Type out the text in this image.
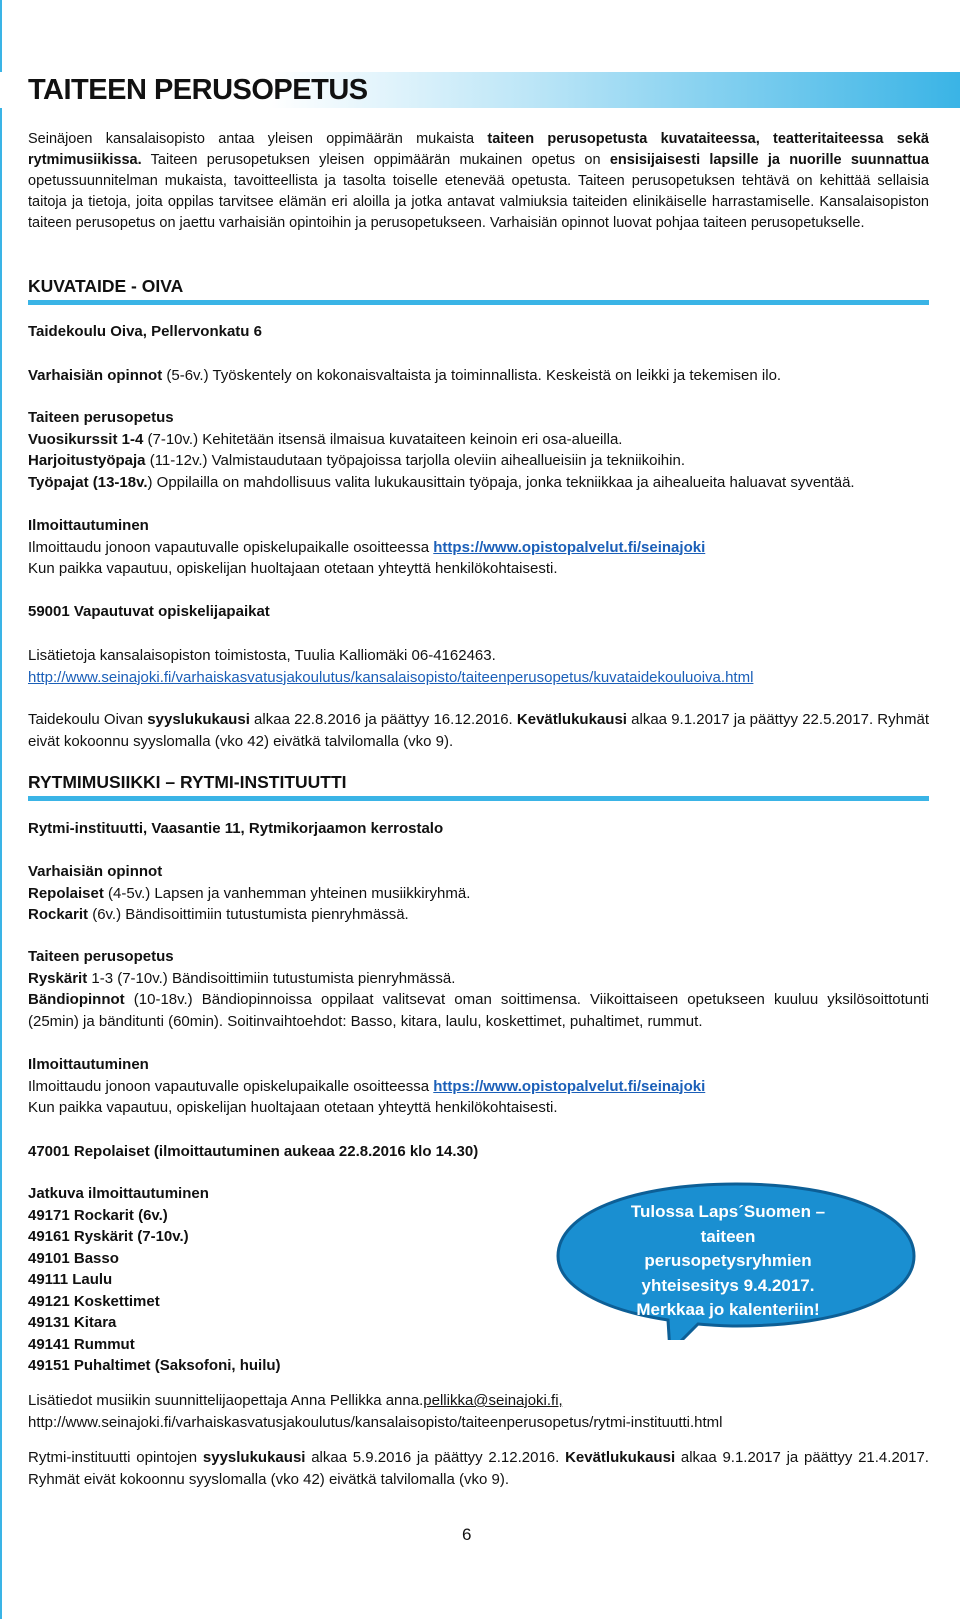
TAITEEN PERUSOPETUS

Seinäjoen kansalaisopisto antaa yleisen oppimäärän mukaista taiteen perusopetusta kuvataiteessa, teatteritaiteessa sekä rytmimusiikissa. Taiteen perusopetuksen yleisen oppimäärän mukainen opetus on ensisijaisesti lapsille ja nuorille suunnattua opetussuunnitelman mukaista, tavoitteellista ja tasolta toiselle etenevää opetusta. Taiteen perusopetuksen tehtävä on kehittää sellaisia taitoja ja tietoja, joita oppilas tarvitsee elämän eri aloilla ja jotka antavat valmiuksia taiteiden elinikäiselle harrastamiselle. Kansalaisopiston taiteen perusopetus on jaettu varhaisiän opintoihin ja perusopetukseen. Varhaisiän opinnot luovat pohjaa taiteen perusopetukselle.

KUVATAIDE - OIVA

Taidekoulu Oiva, Pellervonkatu 6

Varhaisiän opinnot (5-6v.) Työskentely on kokonaisvaltaista ja toiminnallista. Keskeistä on leikki ja tekemisen ilo.

Taiteen perusopetus
Vuosikurssit 1-4 (7-10v.) Kehitetään itsensä ilmaisua kuvataiteen keinoin eri osa-alueilla.
Harjoitustyöpaja (11-12v.) Valmistaudutaan työpajoissa tarjolla oleviin aiheallueisiin ja tekniikoihin.
Työpajat (13-18v.) Oppilailla on mahdollisuus valita lukukausittain työpaja, jonka tekniikkaa ja aihealueita haluavat syventää.
Ilmoittautuminen
Ilmoittaudu jonoon vapautuvalle opiskelupaikalle osoitteessa https://www.opistopalvelut.fi/seinajoki
Kun paikka vapautuu, opiskelijan huoltajaan otetaan yhteyttä henkilökohtaisesti.

59001 Vapautuvat opiskelijapaikat

Lisätietoja kansalaisopiston toimistosta, Tuulia Kalliomäki 06-4162463.
http://www.seinajoki.fi/varhaiskasvatusjakoulutus/kansalaisopisto/taiteenperusopetus/kuvataidekouluoiva.html

Taidekoulu Oivan syyslukukausi alkaa 22.8.2016 ja päättyy 16.12.2016. Kevätlukukausi alkaa 9.1.2017 ja päättyy 22.5.2017. Ryhmät eivät kokoonnu syyslomalla (vko 42) eivätkä talvilomalla (vko 9).

RYTMIMUSIIKKI – RYTMI-INSTITUUTTI

Rytmi-instituutti, Vaasantie 11, Rytmikorjaamon kerrostalo

Varhaisiän opinnot
Repolaiset (4-5v.) Lapsen ja vanhemman yhteinen musiikkiryhmä.
Rockarit (6v.) Bändisoittimiin tutustumista pienryhmässä.
Taiteen perusopetus
Ryskärit 1-3 (7-10v.) Bändisoittimiin tutustumista pienryhmässä.

Bändiopinnot (10-18v.) Bändiopinnoissa oppilaat valitsevat oman soittimensa. Viikoittaiseen opetukseen kuuluu yksilösoittotunti (25min) ja bänditunti (60min). Soitinvaihtoehdot: Basso, kitara, laulu, koskettimet, puhaltimet, rummut.

Ilmoittautuminen
Ilmoittaudu jonoon vapautuvalle opiskelupaikalle osoitteessa https://www.opistopalvelut.fi/seinajoki
Kun paikka vapautuu, opiskelijan huoltajaan otetaan yhteyttä henkilökohtaisesti.

47001 Repolaiset (ilmoittautuminen aukeaa 22.8.2016 klo 14.30)

Jatkuva ilmoittautuminen
49171 Rockarit (6v.)
49161 Ryskärit (7-10v.)
49101 Basso
49111 Laulu
49121 Koskettimet
49131 Kitara
49141 Rummut
49151 Puhaltimet (Saksofoni, huilu)
Tulossa Laps´Suomen –
taiteen
perusopetysryhmien
yhteisesitys 9.4.2017.
Merkkaa jo kalenteriin!
Lisätiedot musiikin suunnittelijaopettaja Anna Pellikka anna.pellikka@seinajoki.fi,
http://www.seinajoki.fi/varhaiskasvatusjakoulutus/kansalaisopisto/taiteenperusopetus/rytmi-instituutti.html

Rytmi-instituutti opintojen syyslukukausi alkaa 5.9.2016 ja päättyy 2.12.2016. Kevätlukukausi alkaa 9.1.2017 ja päättyy 21.4.2017. Ryhmät eivät kokoonnu syyslomalla (vko 42) eivätkä talvilomalla (vko 9).

6
